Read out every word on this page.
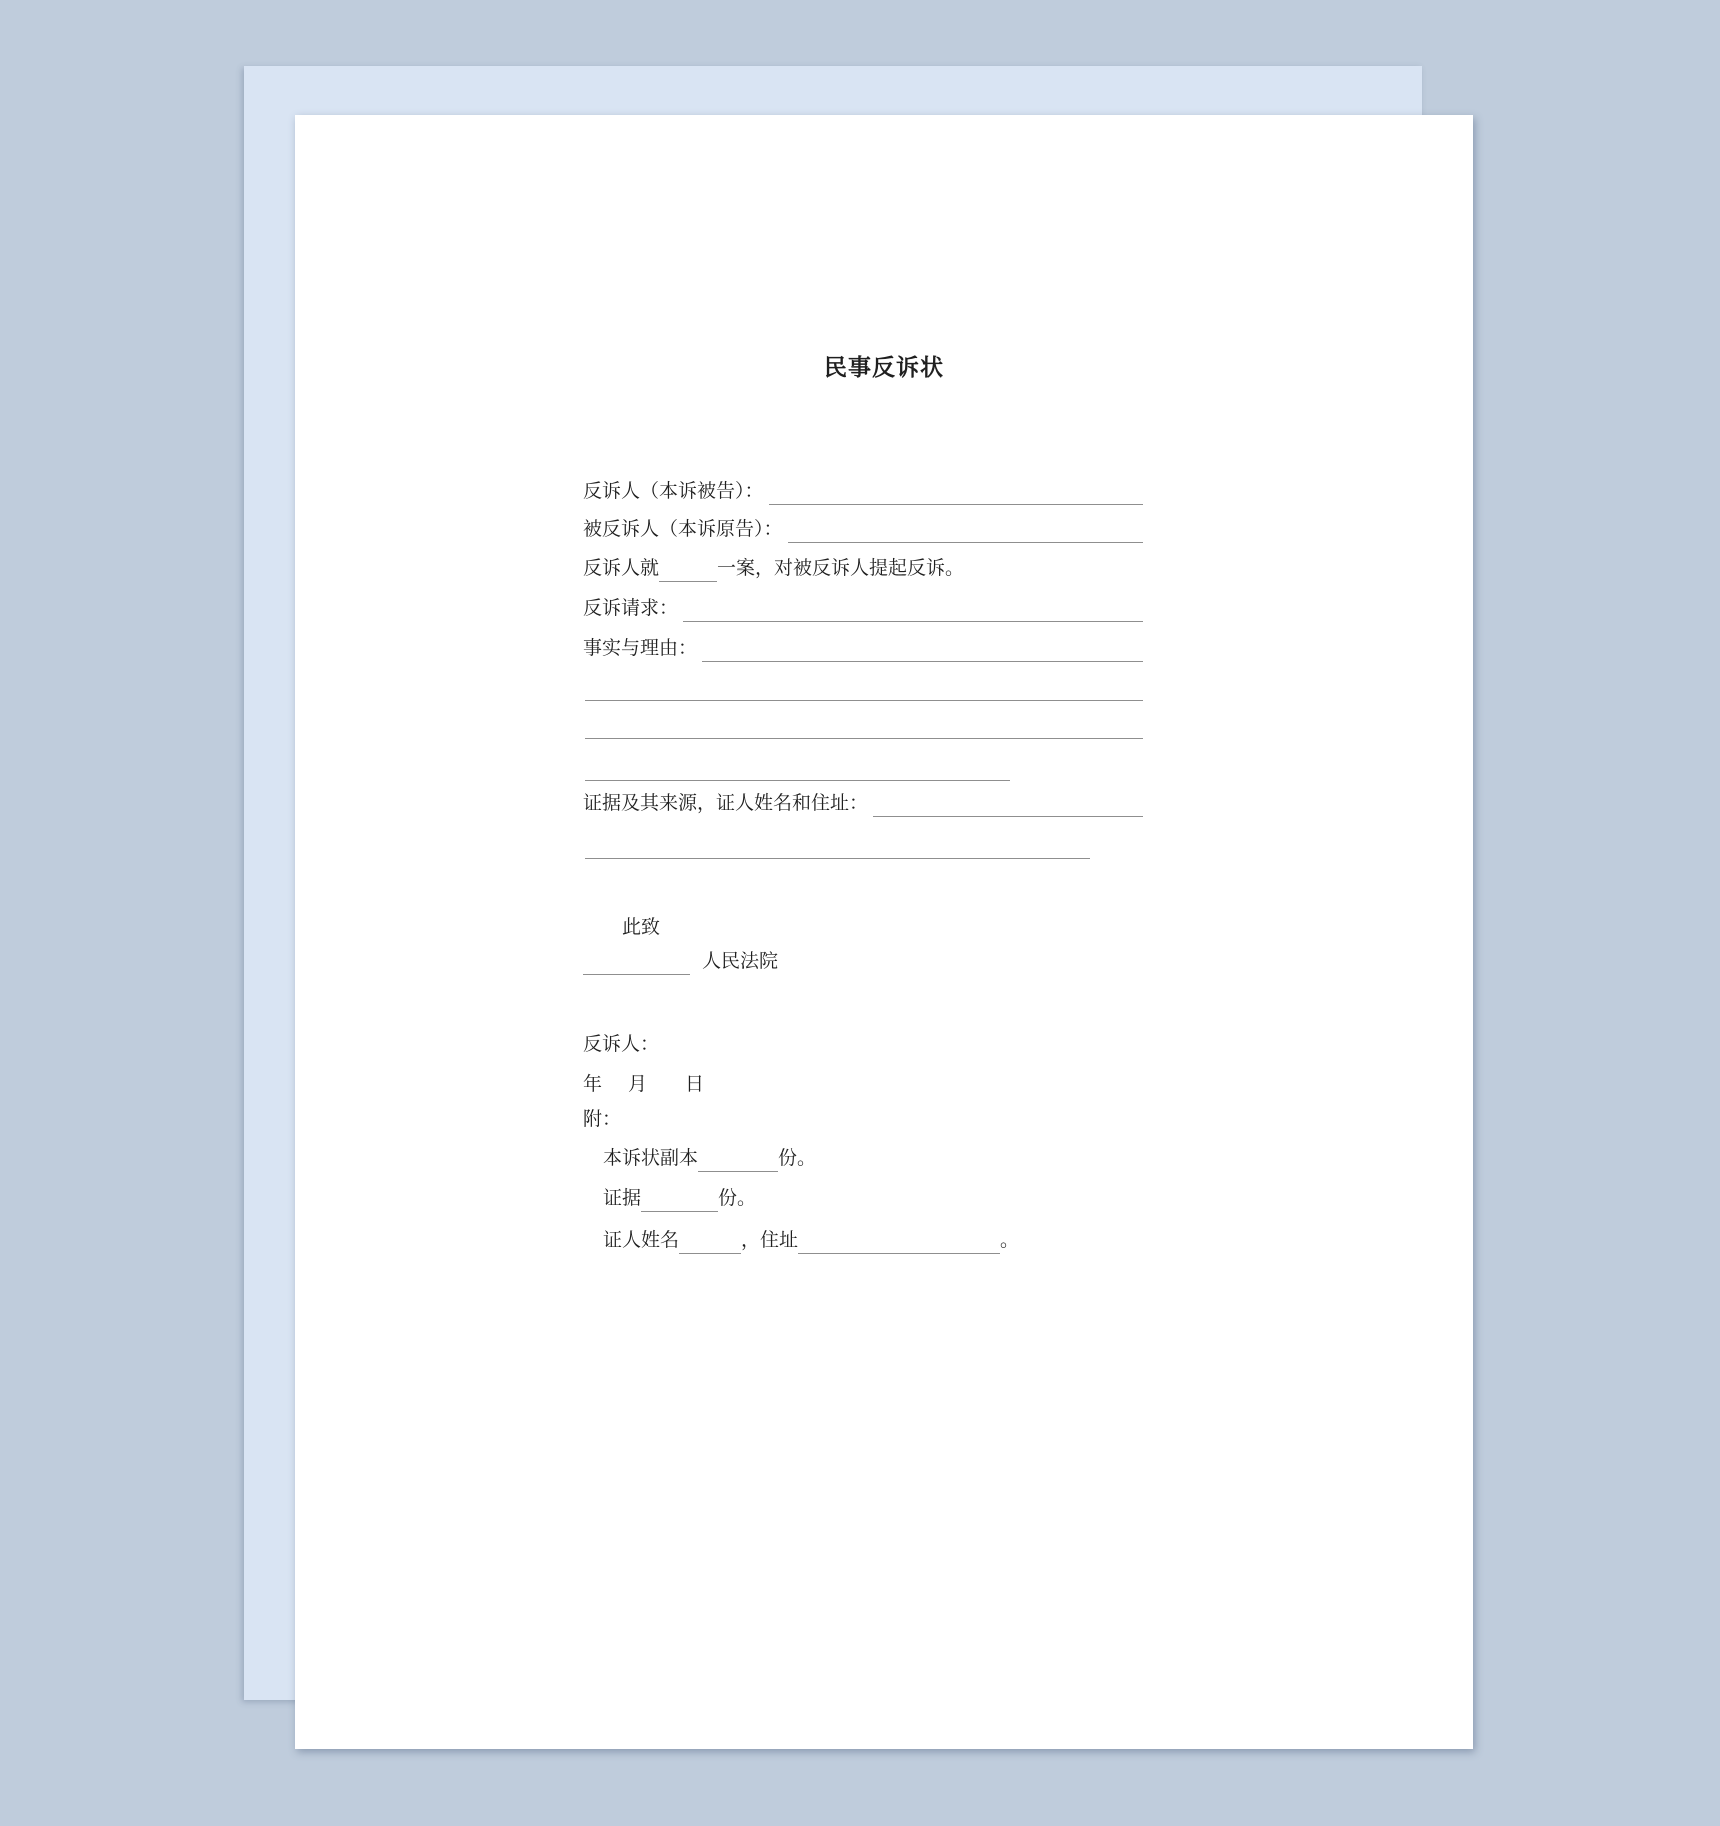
民事反诉状
反诉人（本诉被告）：
被反诉人（本诉原告）：
反诉人就	一案，对被反诉人提起反诉。
反诉请求：
事实与理由：
证据及其来源，证人姓名和住址：
此致
人民法院
反诉人：
年 月 日
附：
本诉状副本	份。
证据	份。
证人姓名	，住址	。
